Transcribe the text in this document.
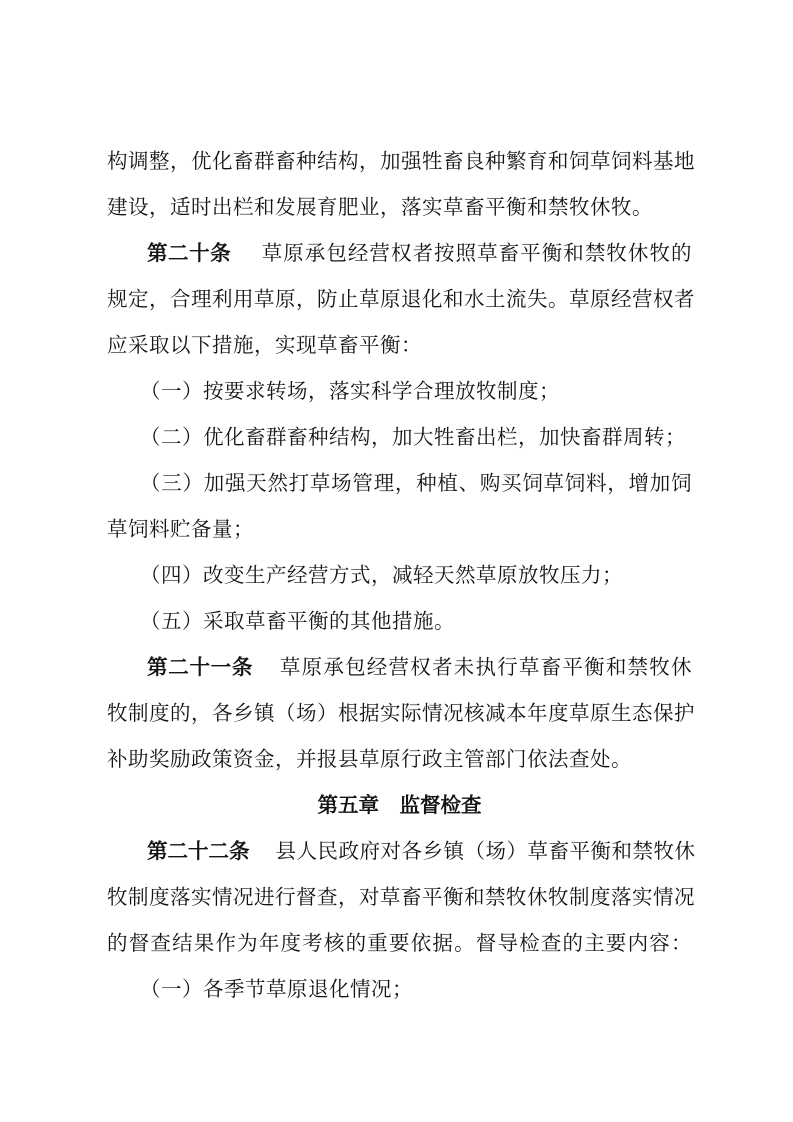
构调整，优化畜群畜种结构，加强牲畜良种繁育和饲草饲料基地
建设，适时出栏和发展育肥业，落实草畜平衡和禁牧休牧。
第二十条 草原承包经营权者按照草畜平衡和禁牧休牧的
规定，合理利用草原，防止草原退化和水土流失。草原经营权者
应采取以下措施，实现草畜平衡：
（一）按要求转场，落实科学合理放牧制度；
（二）优化畜群畜种结构，加大牲畜出栏，加快畜群周转；
（三）加强天然打草场管理，种植、购买饲草饲料，增加饲
草饲料贮备量；
（四）改变生产经营方式，减轻天然草原放牧压力；
（五）采取草畜平衡的其他措施。
第二十一条 草原承包经营权者未执行草畜平衡和禁牧休
牧制度的，各乡镇（场）根据实际情况核减本年度草原生态保护
补助奖励政策资金，并报县草原行政主管部门依法查处。
第五章　监督检查
第二十二条 县人民政府对各乡镇（场）草畜平衡和禁牧休
牧制度落实情况进行督查，对草畜平衡和禁牧休牧制度落实情况
的督查结果作为年度考核的重要依据。督导检查的主要内容：
（一）各季节草原退化情况；
